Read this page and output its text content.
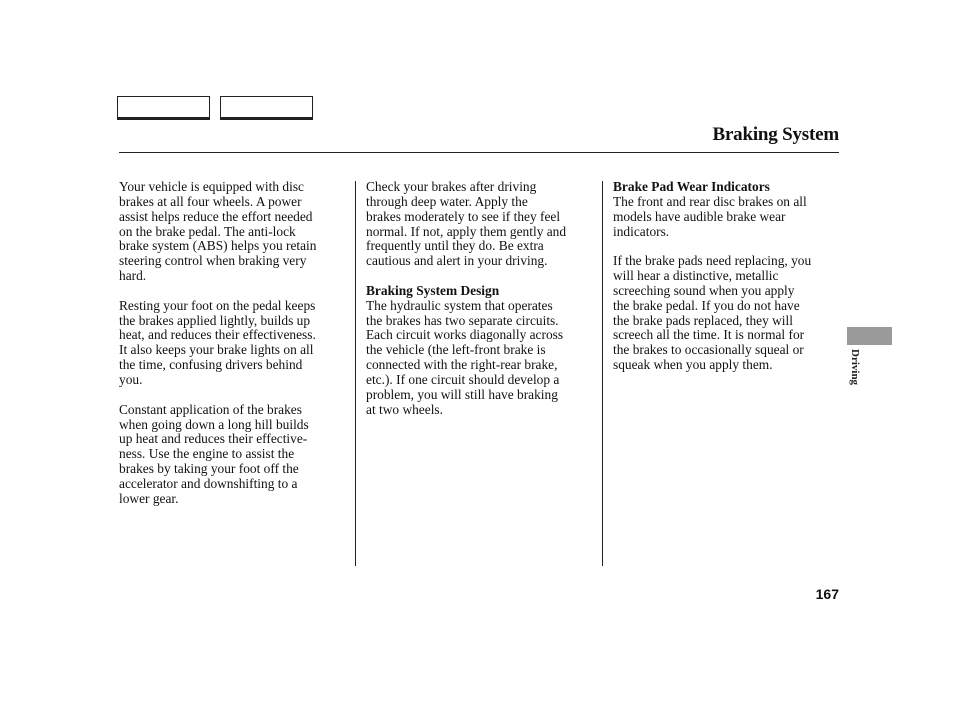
Braking System

Your vehicle is equipped with disc
brakes at all four wheels. A power
assist helps reduce the effort needed
on the brake pedal. The anti-lock
brake system (ABS) helps you retain
steering control when braking very
hard.

Resting your foot on the pedal keeps
the brakes applied lightly, builds up
heat, and reduces their effectiveness.
It also keeps your brake lights on all
the time, confusing drivers behind
you.

Constant application of the brakes
when going down a long hill builds
up heat and reduces their effective-
ness. Use the engine to assist the
brakes by taking your foot off the
accelerator and downshifting to a
lower gear.

Check your brakes after driving
through deep water. Apply the
brakes moderately to see if they feel
normal. If not, apply them gently and
frequently until they do. Be extra
cautious and alert in your driving.

Braking System Design
The hydraulic system that operates
the brakes has two separate circuits.
Each circuit works diagonally across
the vehicle (the left-front brake is
connected with the right-rear brake,
etc.). If one circuit should develop a
problem, you will still have braking
at two wheels.

Brake Pad Wear Indicators
The front and rear disc brakes on all
models have audible brake wear
indicators.

If the brake pads need replacing, you
will hear a distinctive, metallic
screeching sound when you apply
the brake pedal. If you do not have
the brake pads replaced, they will
screech all the time. It is normal for
the brakes to occasionally squeal or
squeak when you apply them.	Driving
167
